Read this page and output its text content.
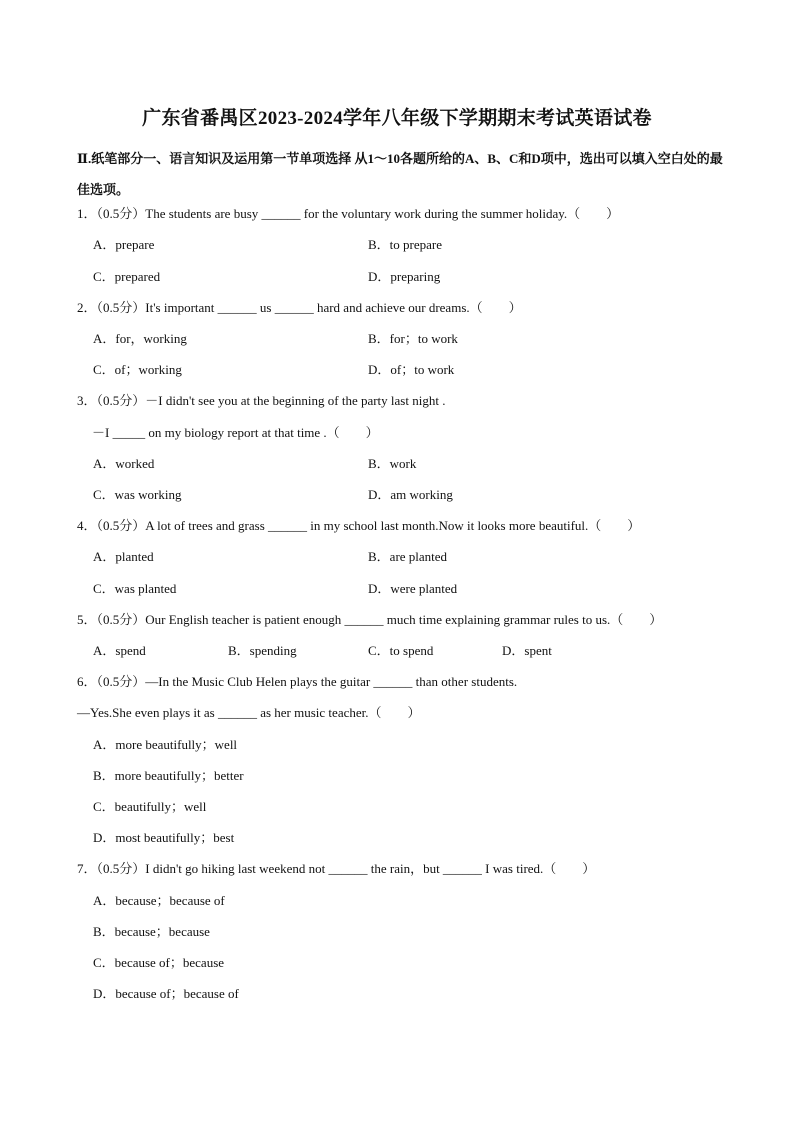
广东省番禺区2023-2024学年八年级下学期期末考试英语试卷
Ⅱ.纸笔部分一、语言知识及运用第一节单项选择 从1～10各题所给的A、B、C和D项中，选出可以填入空白处的最佳选项。
1．（0.5分）The students are busy ______ for the voluntary work during the summer holiday.（　　）
A．prepare	B．to prepare
C．prepared	D．preparing
2．（0.5分）It's important ______ us ______ hard and achieve our dreams.（　　）
A．for，working	B．for；to work
C．of；working	D．of；to work
3．（0.5分）－I didn't see you at the beginning of the party last night .
－I _____ on my biology report at that time .（　　）
A．worked	B．work
C．was working	D．am working
4．（0.5分）A lot of trees and grass ______ in my school last month.Now it looks more beautiful.（　　）
A．planted	B．are planted
C．was planted	D．were planted
5．（0.5分）Our English teacher is patient enough ______ much time explaining grammar rules to us.（　　）
A．spend	B．spending	C．to spend	D．spent
6．（0.5分）—In the Music Club Helen plays the guitar ______ than other students.
—Yes.She even plays it as ______ as her music teacher.（　　）
A．more beautifully；well
B．more beautifully；better
C．beautifully；well
D．most beautifully；best
7．（0.5分）I didn't go hiking last weekend not ______ the rain，but ______ I was tired.（　　）
A．because；because of
B．because；because
C．because of；because
D．because of；because of
